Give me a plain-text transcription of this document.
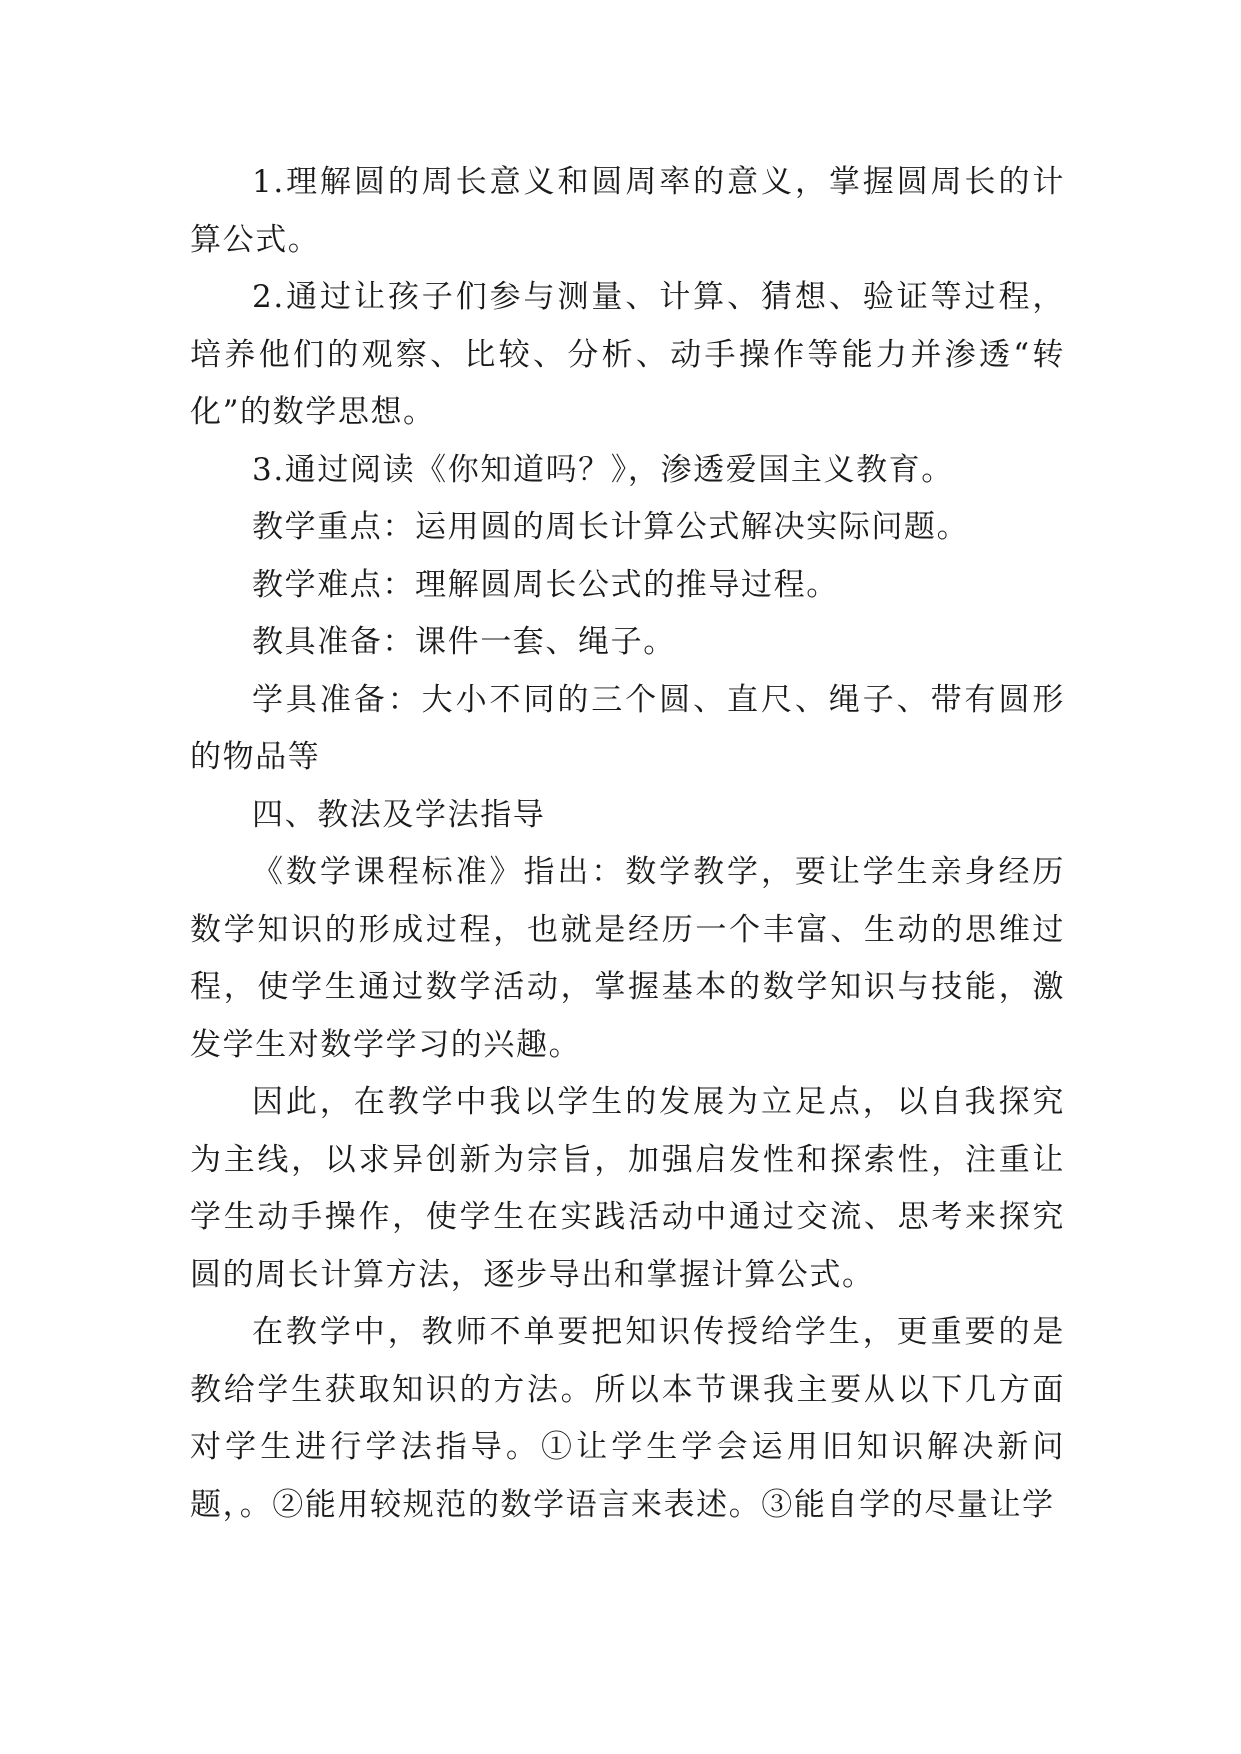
1.理解圆的周长意义和圆周率的意义，掌握圆周长的计算公式。

2.通过让孩子们参与测量、计算、猜想、验证等过程，培养他们的观察、比较、分析、动手操作等能力并渗透“转化”的数学思想。

3.通过阅读《你知道吗？》，渗透爱国主义教育。

教学重点：运用圆的周长计算公式解决实际问题。

教学难点：理解圆周长公式的推导过程。

教具准备：课件一套、绳子。

学具准备：大小不同的三个圆、直尺、绳子、带有圆形的物品等

四、教法及学法指导

《数学课程标准》指出：数学教学，要让学生亲身经历数学知识的形成过程，也就是经历一个丰富、生动的思维过程，使学生通过数学活动，掌握基本的数学知识与技能，激发学生对数学学习的兴趣。

因此，在教学中我以学生的发展为立足点，以自我探究为主线，以求异创新为宗旨，加强启发性和探索性，注重让学生动手操作，使学生在实践活动中通过交流、思考来探究圆的周长计算方法，逐步导出和掌握计算公式。

在教学中，教师不单要把知识传授给学生，更重要的是教给学生获取知识的方法。所以本节课我主要从以下几方面对学生进行学法指导。①让学生学会运用旧知识解决新问题，。②能用较规范的数学语言来表述。③能自学的尽量让学
